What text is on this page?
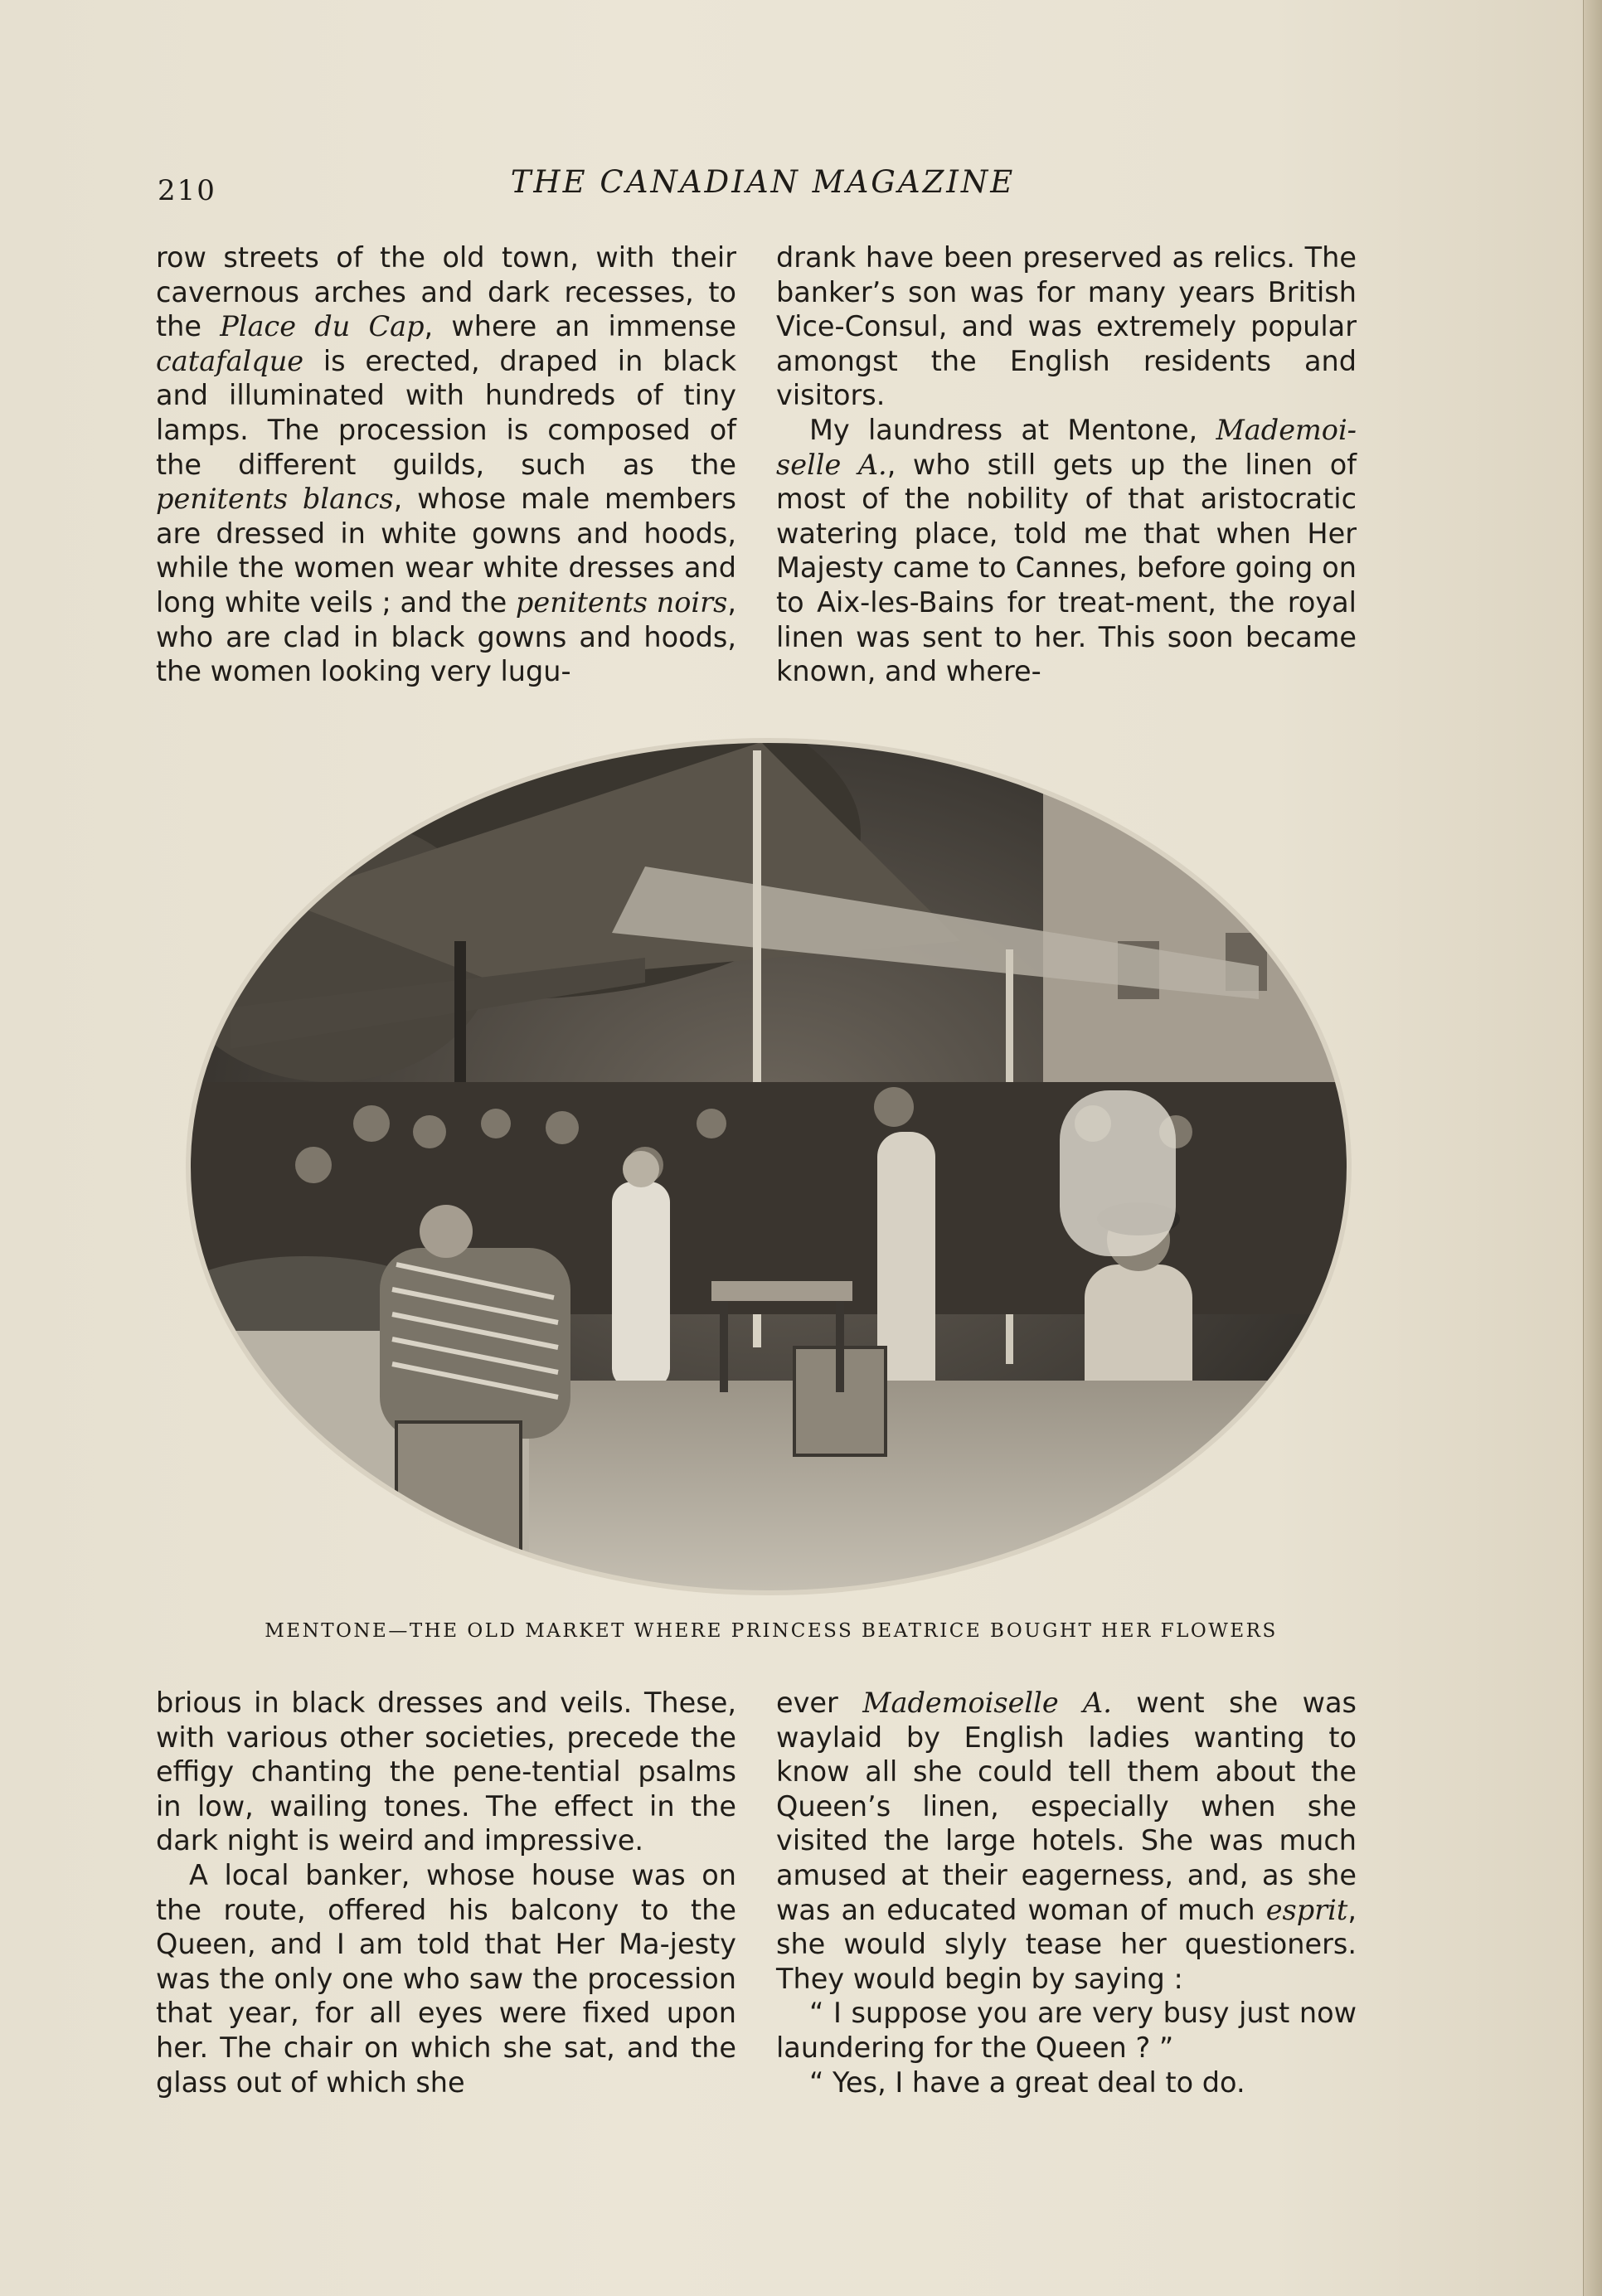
210	THE CANADIAN MAGAZINE

row streets of the old town, with their cavernous arches and dark recesses, to the Place du Cap, where an immense catafalque is erected, draped in black and illuminated with hundreds of tiny lamps. The procession is composed of the different guilds, such as the penitents blancs, whose male members are dressed in white gowns and hoods, while the women wear white dresses and long white veils ; and the penitents noirs, who are clad in black gowns and hoods, the women looking very lugu-

drank have been preserved as relics. The banker’s son was for many years British Vice-Consul, and was extremely popular amongst the English residents and visitors.

My laundress at Mentone, Mademoi-selle A., who still gets up the linen of most of the nobility of that aristocratic watering place, told me that when Her Majesty came to Cannes, before going on to Aix-les-Bains for treat-ment, the royal linen was sent to her. This soon became known, and where-

MENTONE—THE OLD MARKET WHERE PRINCESS BEATRICE BOUGHT HER FLOWERS

brious in black dresses and veils. These, with various other societies, precede the effigy chanting the pene-tential psalms in low, wailing tones. The effect in the dark night is weird and impressive.

A local banker, whose house was on the route, offered his balcony to the Queen, and I am told that Her Ma-jesty was the only one who saw the procession that year, for all eyes were fixed upon her. The chair on which she sat, and the glass out of which she

ever Mademoiselle A. went she was waylaid by English ladies wanting to know all she could tell them about the Queen’s linen, especially when she visited the large hotels. She was much amused at their eagerness, and, as she was an educated woman of much esprit, she would slyly tease her questioners. They would begin by saying :

“ I suppose you are very busy just now laundering for the Queen ? ”

“ Yes, I have a great deal to do.
